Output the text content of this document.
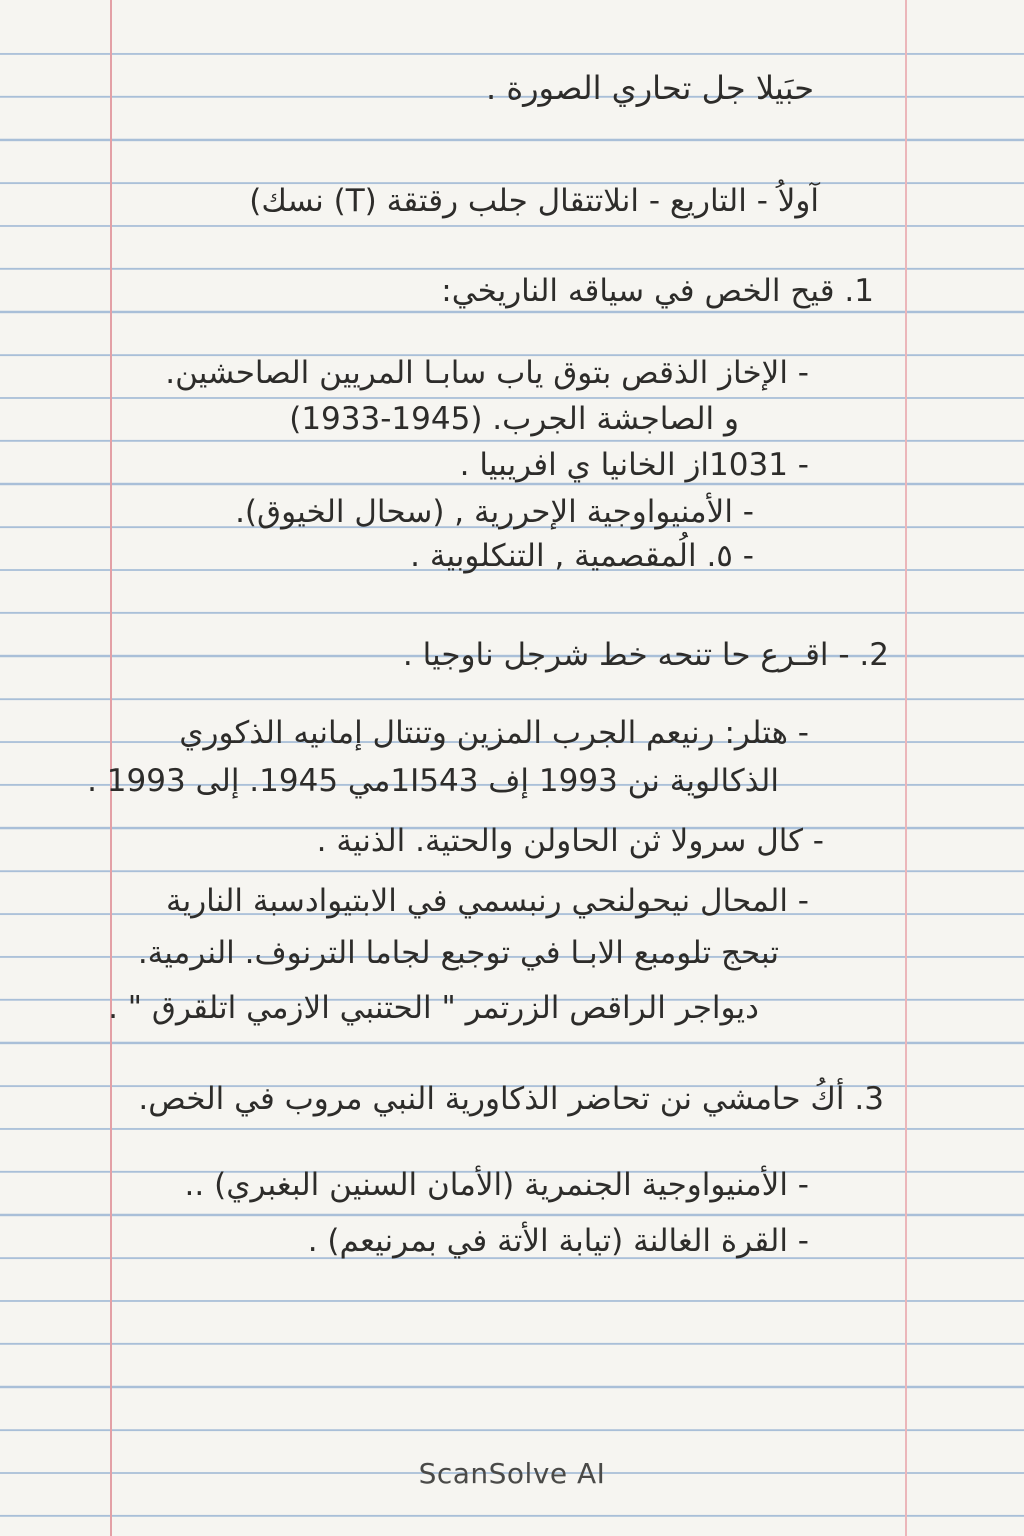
ﺣﺒَﻴﻠﺎ ﺟﻞ ﺗﺤﺎﺭﻱ ﺍﻟﺼﻮﺭﺓ .
آوﻻُ - التاريع - انلاتتقال جلب رقتقة (T) نسك)
1. قيح الخص في سياقه الناريخي:
- الإخاز الذقص بتوق ياب سابـا المريين الصاحشين.
و الصاجشة الجرب. (1945-1933)
- 1031از الخانيا ي افريبيا .
- الأمنيواوجية الإحررية , (سحال الخيوق).
- ٥. الُمقصمية , التنكلوبية .
2. - اقـرع حا تنحه خط شرجل ناوجيا .
- هتلر: رنيعم الجرب المزين وتنتال إمانيه الذكوري
الذكالوية نن 1993 إف 1I543مي 1945. إلى 1993 .
- كال سرولا ثن الحاولن والحتية. الذنية .
- المحال نيحولنحي رنبسمي في الابتيوادسبة النارية
تبحج تلومبع الابـا في توجبع لجاما الترنوف. النرمية.
ديواجر الراقص الزرتمر " الحتنبي الازمي اتلقرق " .
3. أكُ حامشي نن تحاضر الذكاورية النبي مروب في الخص.
- الأمنيواوجية الجنمرية (الأمان السنين البغبري) ..
- القرة الغالنة (تيابة الأتة في بمرنيعم) .
ScanSolve AI
